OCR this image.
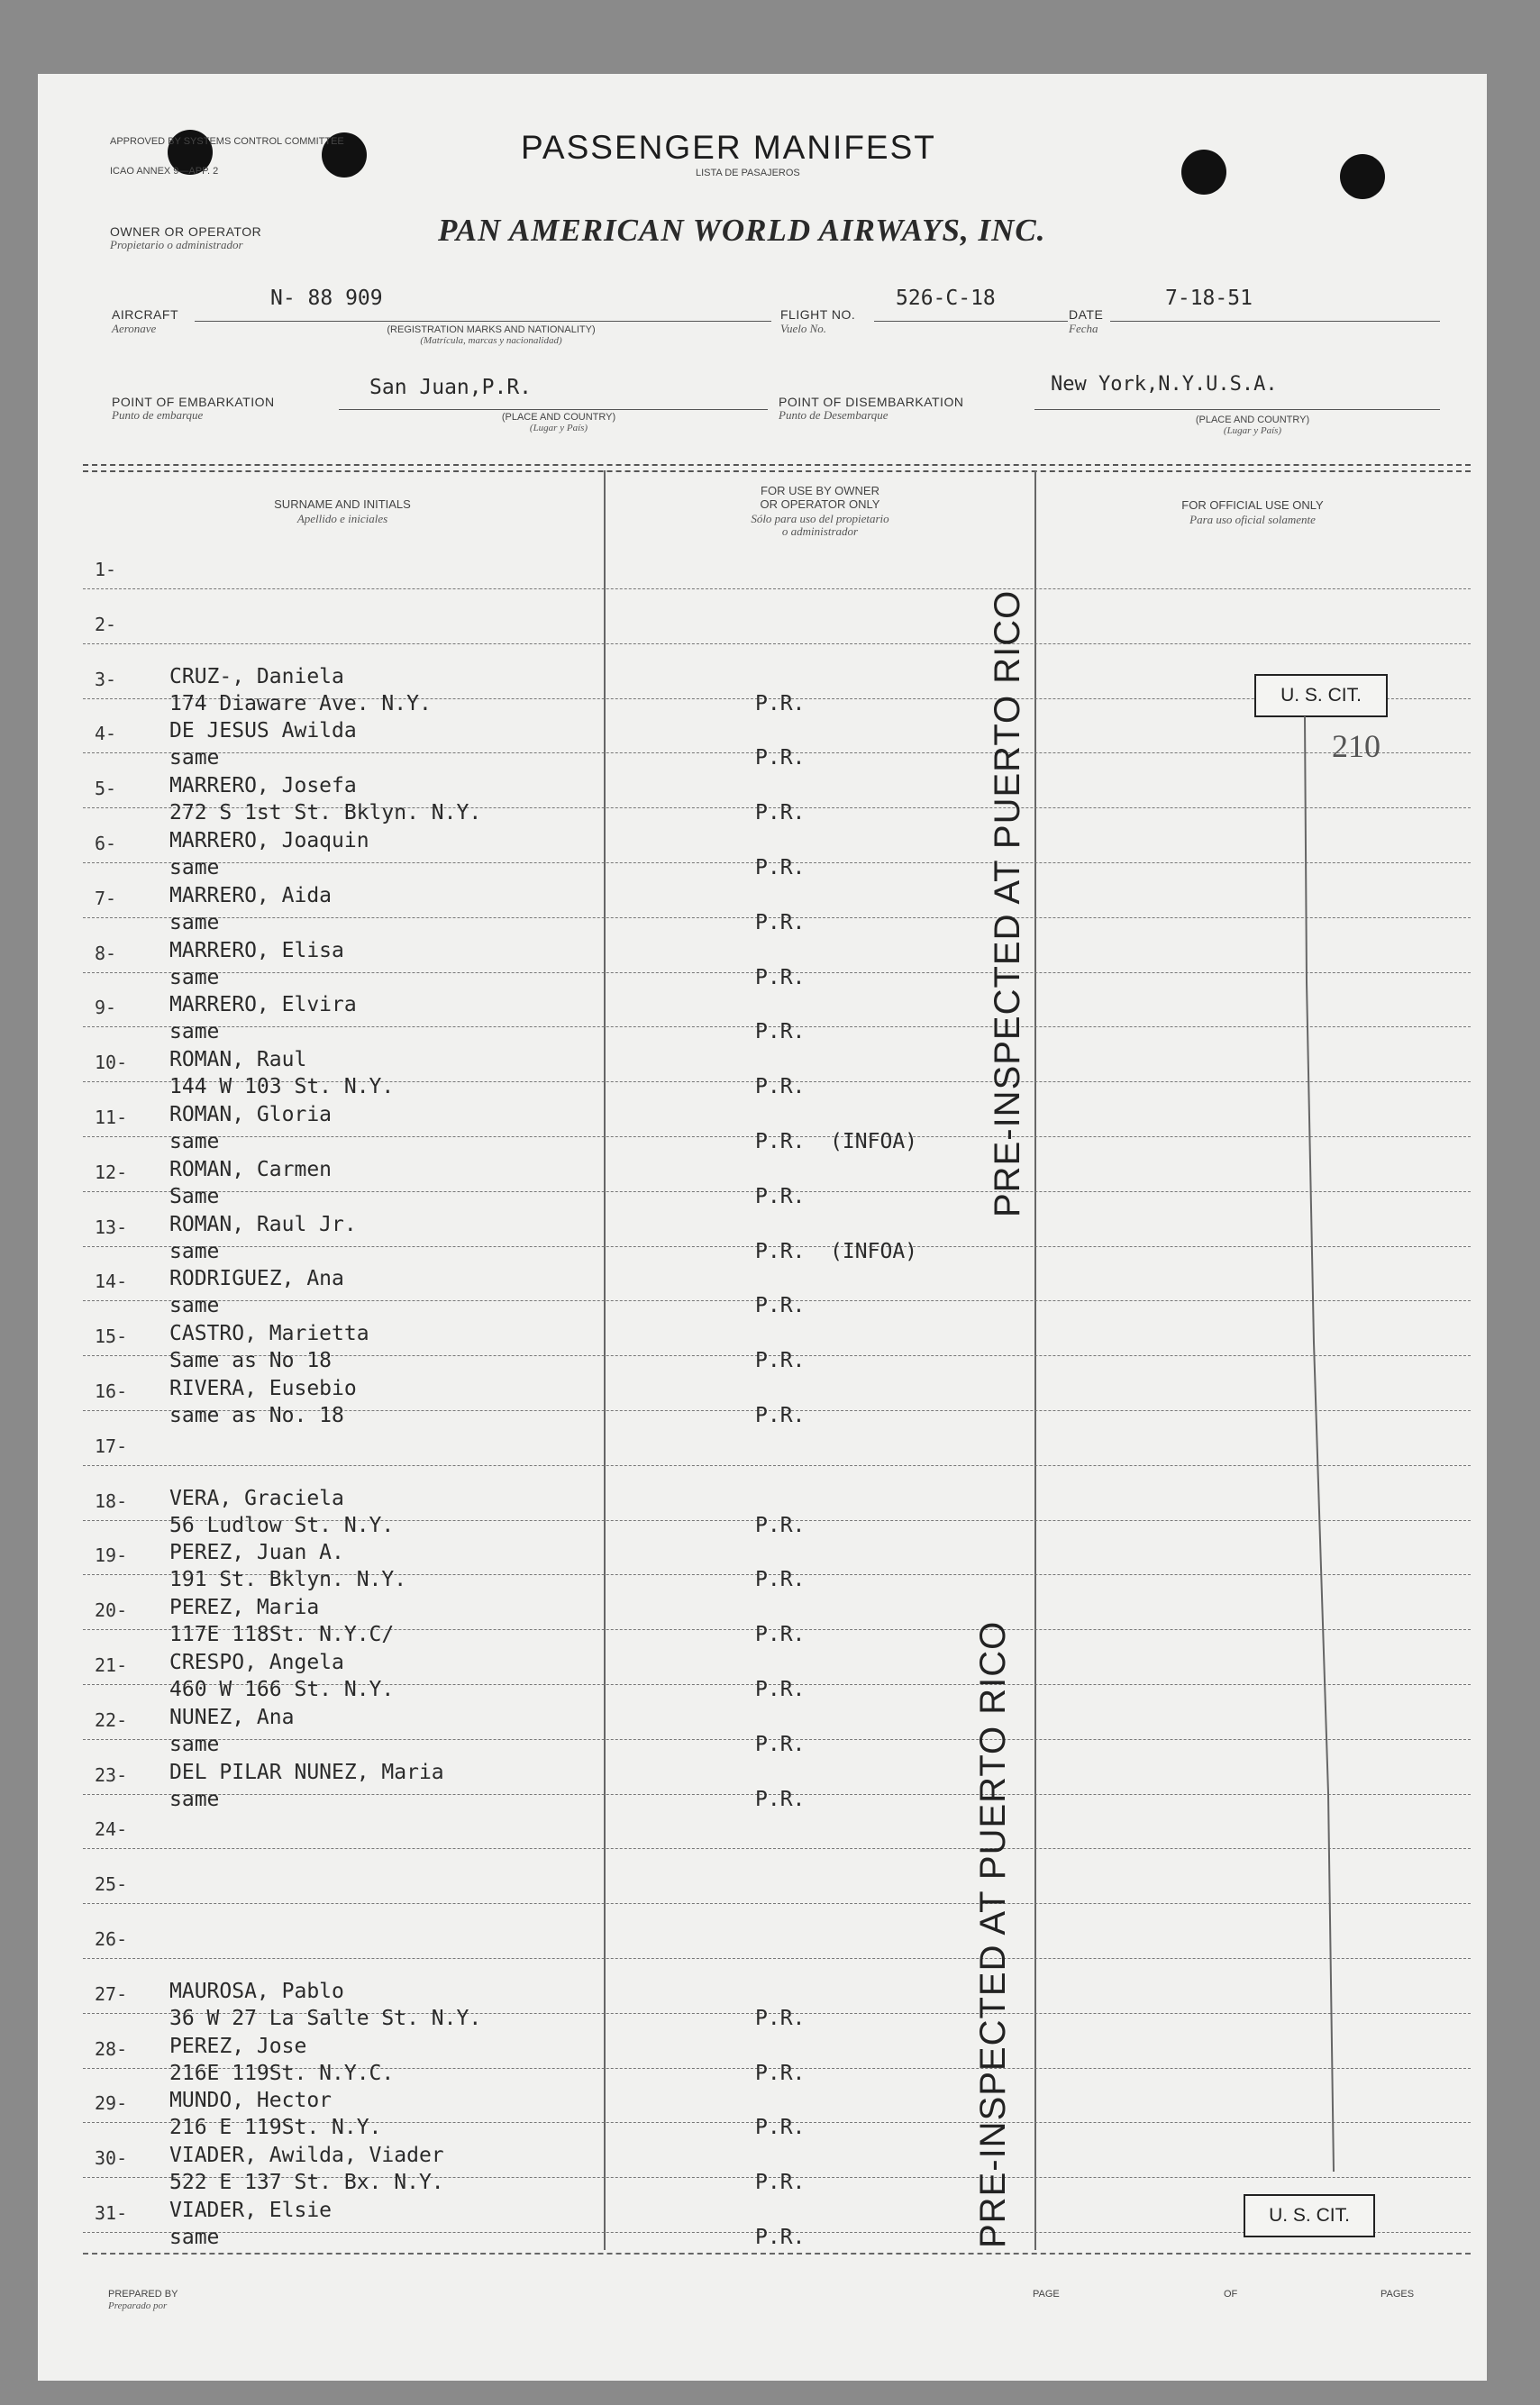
APPROVED BY SYSTEMS CONTROL COMMITTEE
ICAO ANNEX 9—APP. 2
PASSENGER MANIFEST
LISTA DE PASAJEROS
OWNER OR OPERATOR
Propietario o administrador	PAN AMERICAN WORLD AIRWAYS, INC.
AIRCRAFT
Aeronave
N- 88 909
(REGISTRATION MARKS AND NATIONALITY)
(Matrícula, marcas y nacionalidad)
FLIGHT NO.
Vuelo No.
526-C-18
DATE
Fecha
7-18-51
POINT OF EMBARKATION
Punto de embarque
San Juan,P.R.
(PLACE AND COUNTRY)
(Lugar y País)
POINT OF DISEMBARKATION
Punto de Desembarque
New York,N.Y.U.S.A.
(PLACE AND COUNTRY)
(Lugar y País)
SURNAME AND INITIALS
Apellido e iniciales
FOR USE BY OWNER
OR OPERATOR ONLY
Sólo para uso del propietario
o administrador
FOR OFFICIAL USE ONLY
Para uso oficial solamente
1-
2-
3-	CRUZ-, Daniela
174 Diaware Ave. N.Y.	P.R.
4-	DE JESUS Awilda
same	P.R.
5-	MARRERO, Josefa
272 S 1st St. Bklyn. N.Y.	P.R.
6-	MARRERO, Joaquin
same	P.R.
7-	MARRERO, Aida
same	P.R.
8-	MARRERO, Elisa
same	P.R.
9-	MARRERO, Elvira
same	P.R.
10- ROMAN, Raul
144 W 103 St. N.Y.	P.R.
11- ROMAN, Gloria
same	P.R.  (INFOA)
12- ROMAN, Carmen
Same	P.R.
13- ROMAN, Raul Jr.
same	P.R.  (INFOA)
14- RODRIGUEZ, Ana
same	P.R.
15- CASTRO, Marietta
Same as No 18	P.R.
16- RIVERA, Eusebio
same as No. 18	P.R.
17-
18- VERA, Graciela
56 Ludlow St. N.Y.	P.R.
19- PEREZ, Juan A.
191 St. Bklyn. N.Y.	P.R.
20- PEREZ, Maria
117E 118St. N.Y.C/	P.R.
21- CRESPO, Angela
460 W 166 St. N.Y.	P.R.
22- NUNEZ, Ana
same	P.R.
23- DEL PILAR NUNEZ, Maria
same	P.R.
24-
25-
26-
27- MAUROSA, Pablo
36 W 27 La Salle St. N.Y.	P.R.
28- PEREZ, Jose
216E 119St. N.Y.C.	P.R.
29- MUNDO, Hector
216 E 119St. N.Y.	P.R.
30- VIADER, Awilda, Viader
522 E 137 St. Bx. N.Y.	P.R.
31- VIADER, Elsie
same	P.R.
PRE-INSPECTED AT PUERTO RICO
PRE-INSPECTED AT PUERTO RICO
U. S. CIT.
U. S. CIT.
210
PREPARED BY
Preparado por
PAGE	OF	PAGES
